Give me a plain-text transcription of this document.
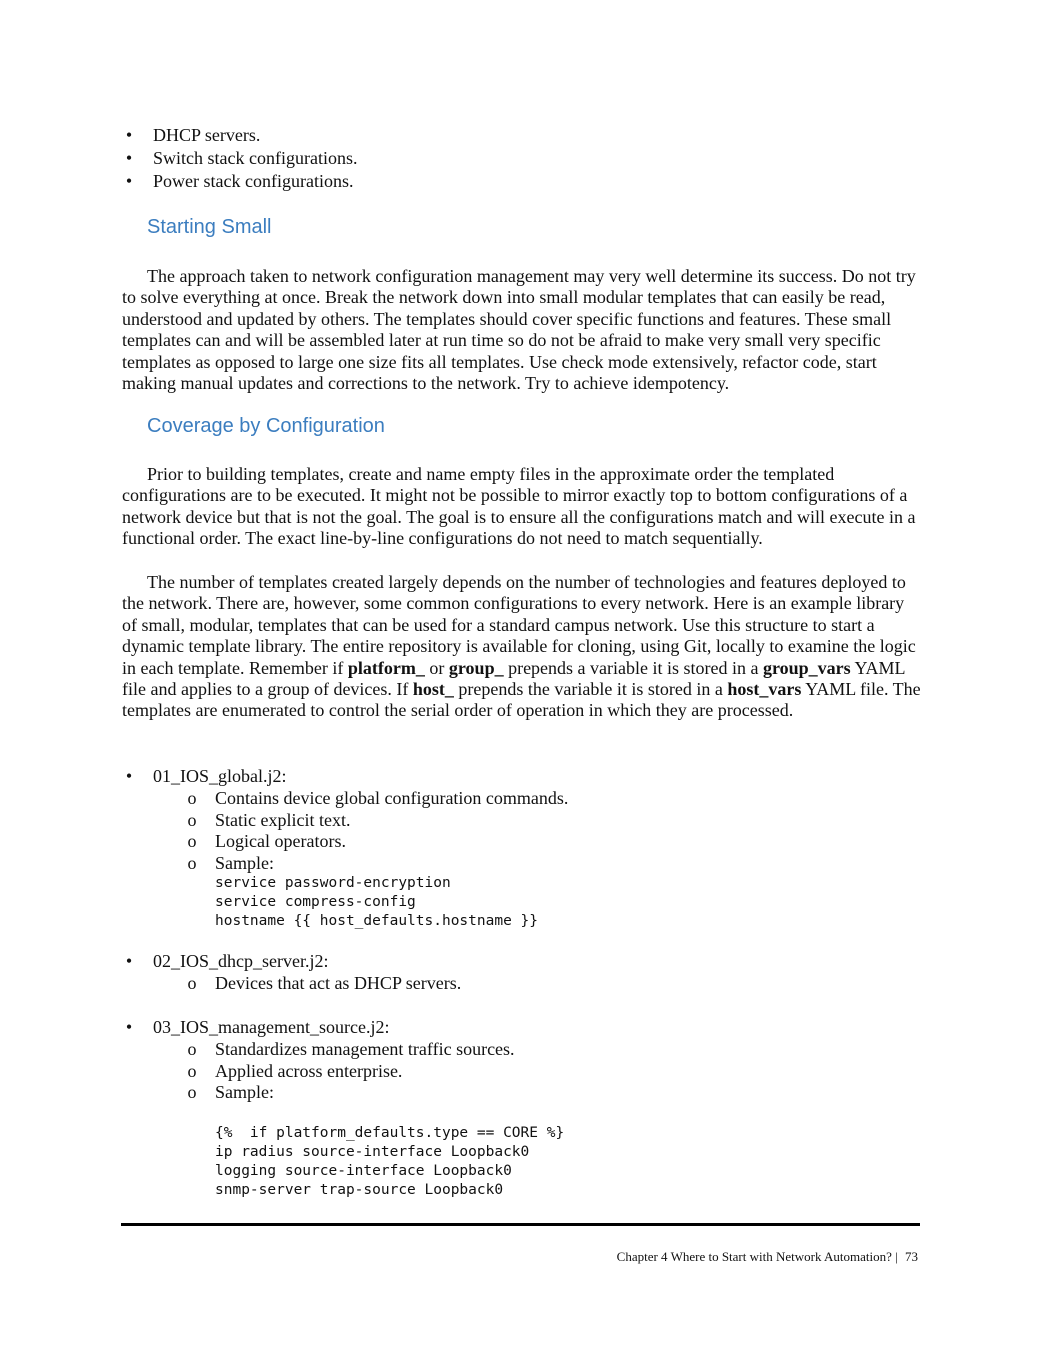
• DHCP servers.
• Switch stack configurations.
• Power stack configurations.
Starting Small

The approach taken to network configuration management may very well determine its success. Do not try to solve everything at once. Break the network down into small modular templates that can easily be read, understood and updated by others. The templates should cover specific functions and features. These small templates can and will be assembled later at run time so do not be afraid to make very small very specific templates as opposed to large one size fits all templates. Use check mode extensively, refactor code, start making manual updates and corrections to the network. Try to achieve idempotency.

Coverage by Configuration

Prior to building templates, create and name empty files in the approximate order the templated configurations are to be executed. It might not be possible to mirror exactly top to bottom configurations of a network device but that is not the goal. The goal is to ensure all the configurations match and will execute in a functional order. The exact line-by-line configurations do not need to match sequentially.

The number of templates created largely depends on the number of technologies and features deployed to the network. There are, however, some common configurations to every network. Here is an example library of small, modular, templates that can be used for a standard campus network. Use this structure to start a dynamic template library. The entire repository is available for cloning, using Git, locally to examine the logic in each template. Remember if platform_ or group_ prepends a variable it is stored in a group_vars YAML file and applies to a group of devices. If host_ prepends the variable it is stored in a host_vars YAML file. The templates are enumerated to control the serial order of operation in which they are processed.

• 01_IOS_global.j2:
o Contains device global configuration commands.
o Static explicit text.
o Logical operators.
o Sample:
service password-encryption
service compress-config
hostname {{ host_defaults.hostname }}
• 02_IOS_dhcp_server.j2:
o Devices that act as DHCP servers.
• 03_IOS_management_source.j2:
o Standardizes management traffic sources.
o Applied across enterprise.
o Sample:
{%  if platform_defaults.type == CORE %}
ip radius source-interface Loopback0
logging source-interface Loopback0
snmp-server trap-source Loopback0
Chapter 4 Where to Start with Network Automation? | 73
